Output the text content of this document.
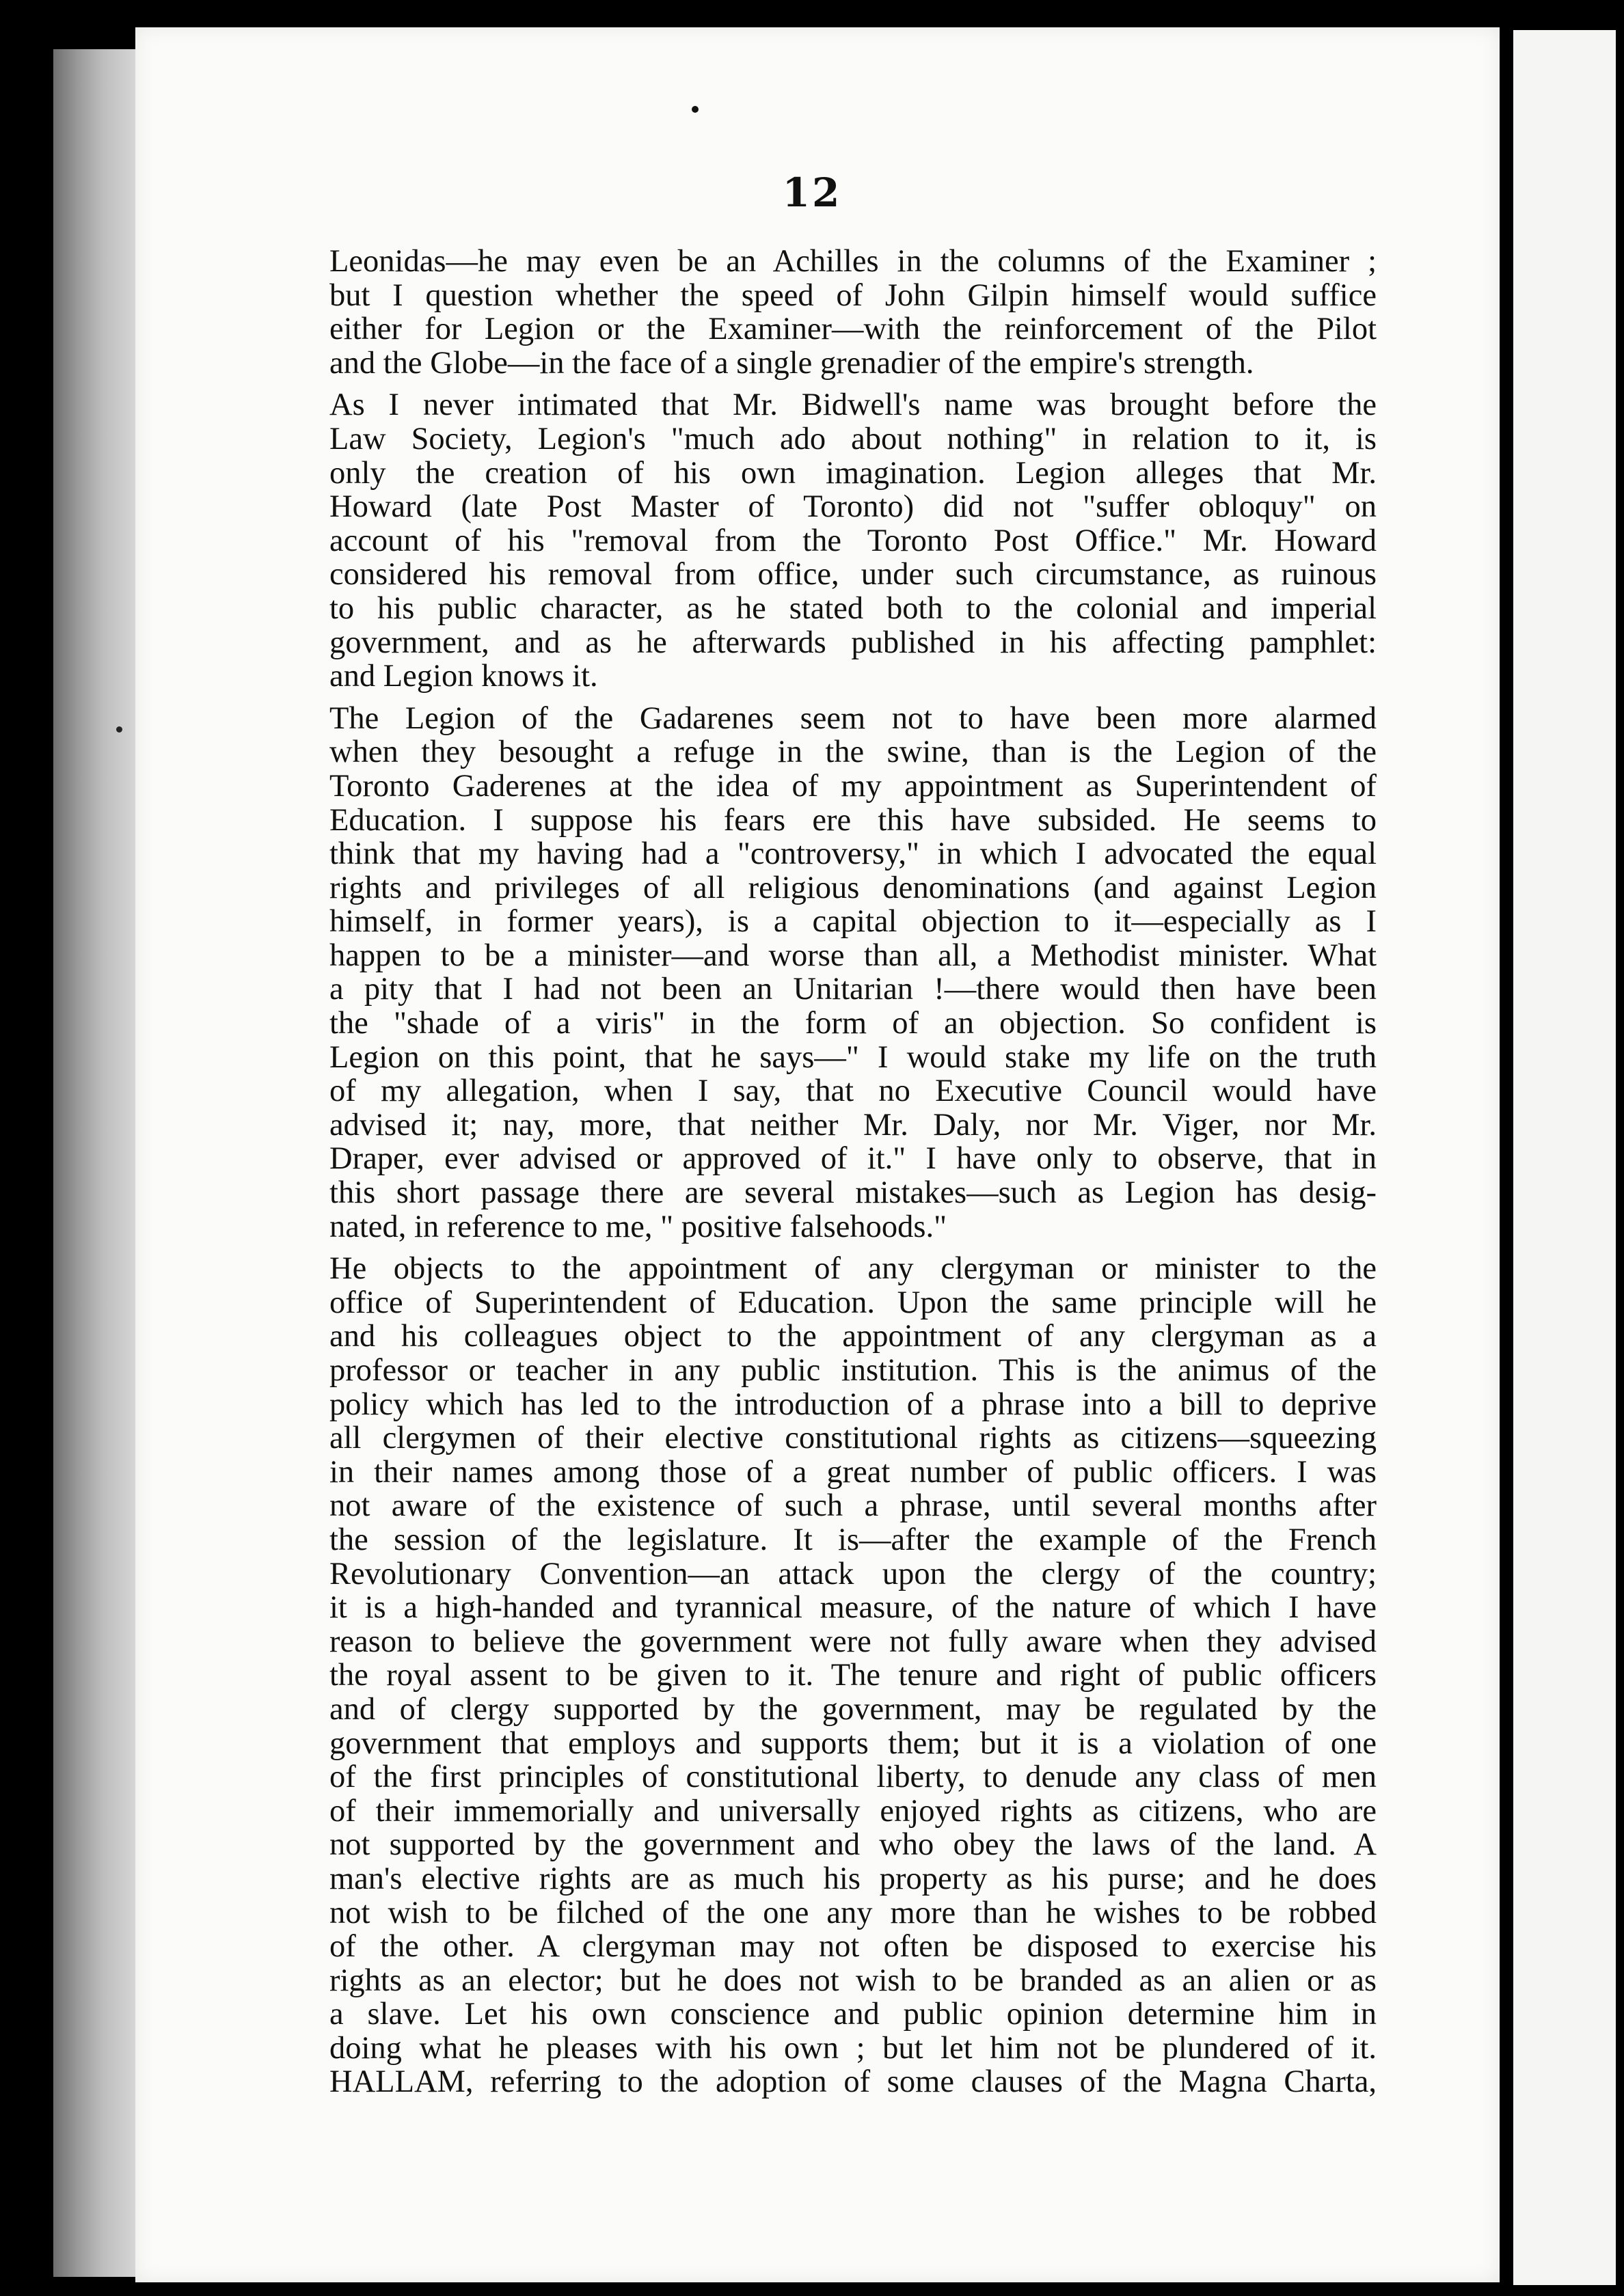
12
Leonidas—he may even be an Achilles in the columns of the Examiner ;
but I question whether the speed of John Gilpin himself would suffice
either for Legion or the Examiner—with the reinforcement of the Pilot
and the Globe—in the face of a single grenadier of the empire's strength.
As I never intimated that Mr. Bidwell's name was brought before the
Law Society, Legion's "much ado about nothing" in relation to it, is
only the creation of his own imagination. Legion alleges that Mr.
Howard (late Post Master of Toronto) did not "suffer obloquy" on
account of his "removal from the Toronto Post Office." Mr. Howard
considered his removal from office, under such circumstance, as ruinous
to his public character, as he stated both to the colonial and imperial
government, and as he afterwards published in his affecting pamphlet:
and Legion knows it.
The Legion of the Gadarenes seem not to have been more alarmed
when they besought a refuge in the swine, than is the Legion of the
Toronto Gaderenes at the idea of my appointment as Superintendent of
Education. I suppose his fears ere this have subsided. He seems to
think that my having had a "controversy," in which I advocated the equal
rights and privileges of all religious denominations (and against Legion
himself, in former years), is a capital objection to it—especially as I
happen to be a minister—and worse than all, a Methodist minister. What
a pity that I had not been an Unitarian !—there would then have been
the "shade of a viris" in the form of an objection. So confident is
Legion on this point, that he says—" I would stake my life on the truth
of my allegation, when I say, that no Executive Council would have
advised it; nay, more, that neither Mr. Daly, nor Mr. Viger, nor Mr.
Draper, ever advised or approved of it." I have only to observe, that in
this short passage there are several mistakes—such as Legion has desig-
nated, in reference to me, " positive falsehoods."
He objects to the appointment of any clergyman or minister to the
office of Superintendent of Education. Upon the same principle will he
and his colleagues object to the appointment of any clergyman as a
professor or teacher in any public institution. This is the animus of the
policy which has led to the introduction of a phrase into a bill to deprive
all clergymen of their elective constitutional rights as citizens—squeezing
in their names among those of a great number of public officers. I was
not aware of the existence of such a phrase, until several months after
the session of the legislature. It is—after the example of the French
Revolutionary Convention—an attack upon the clergy of the country;
it is a high-handed and tyrannical measure, of the nature of which I have
reason to believe the government were not fully aware when they advised
the royal assent to be given to it. The tenure and right of public officers
and of clergy supported by the government, may be regulated by the
government that employs and supports them; but it is a violation of one
of the first principles of constitutional liberty, to denude any class of men
of their immemorially and universally enjoyed rights as citizens, who are
not supported by the government and who obey the laws of the land. A
man's elective rights are as much his property as his purse; and he does
not wish to be filched of the one any more than he wishes to be robbed
of the other. A clergyman may not often be disposed to exercise his
rights as an elector; but he does not wish to be branded as an alien or as
a slave. Let his own conscience and public opinion determine him in
doing what he pleases with his own ; but let him not be plundered of it.
HALLAM, referring to the adoption of some clauses of the Magna Charta,
